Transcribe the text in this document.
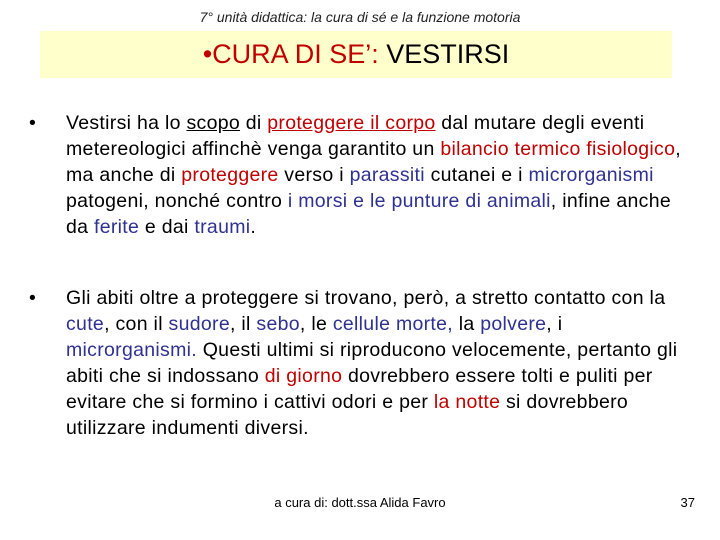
7° unità didattica: la cura di sé e la funzione motoria
•CURA DI SE’: VESTIRSI
• Vestirsi ha lo scopo di proteggere il corpo dal mutare degli eventi metereologici affinchè venga garantito un bilancio termico fisiologico, ma anche di proteggere verso i parassiti cutanei e i microrganismi patogeni, nonché contro i morsi e le punture di animali, infine anche da ferite e dai traumi.
• Gli abiti oltre a proteggere si trovano, però, a stretto contatto con la cute, con il sudore, il sebo, le cellule morte, la polvere, i microrganismi. Questi ultimi si riproducono velocemente, pertanto gli abiti che si indossano di giorno dovrebbero essere tolti e puliti per evitare che si formino i cattivi odori e per la notte si dovrebbero utilizzare indumenti diversi.
a cura di: dott.ssa Alida Favro	37
